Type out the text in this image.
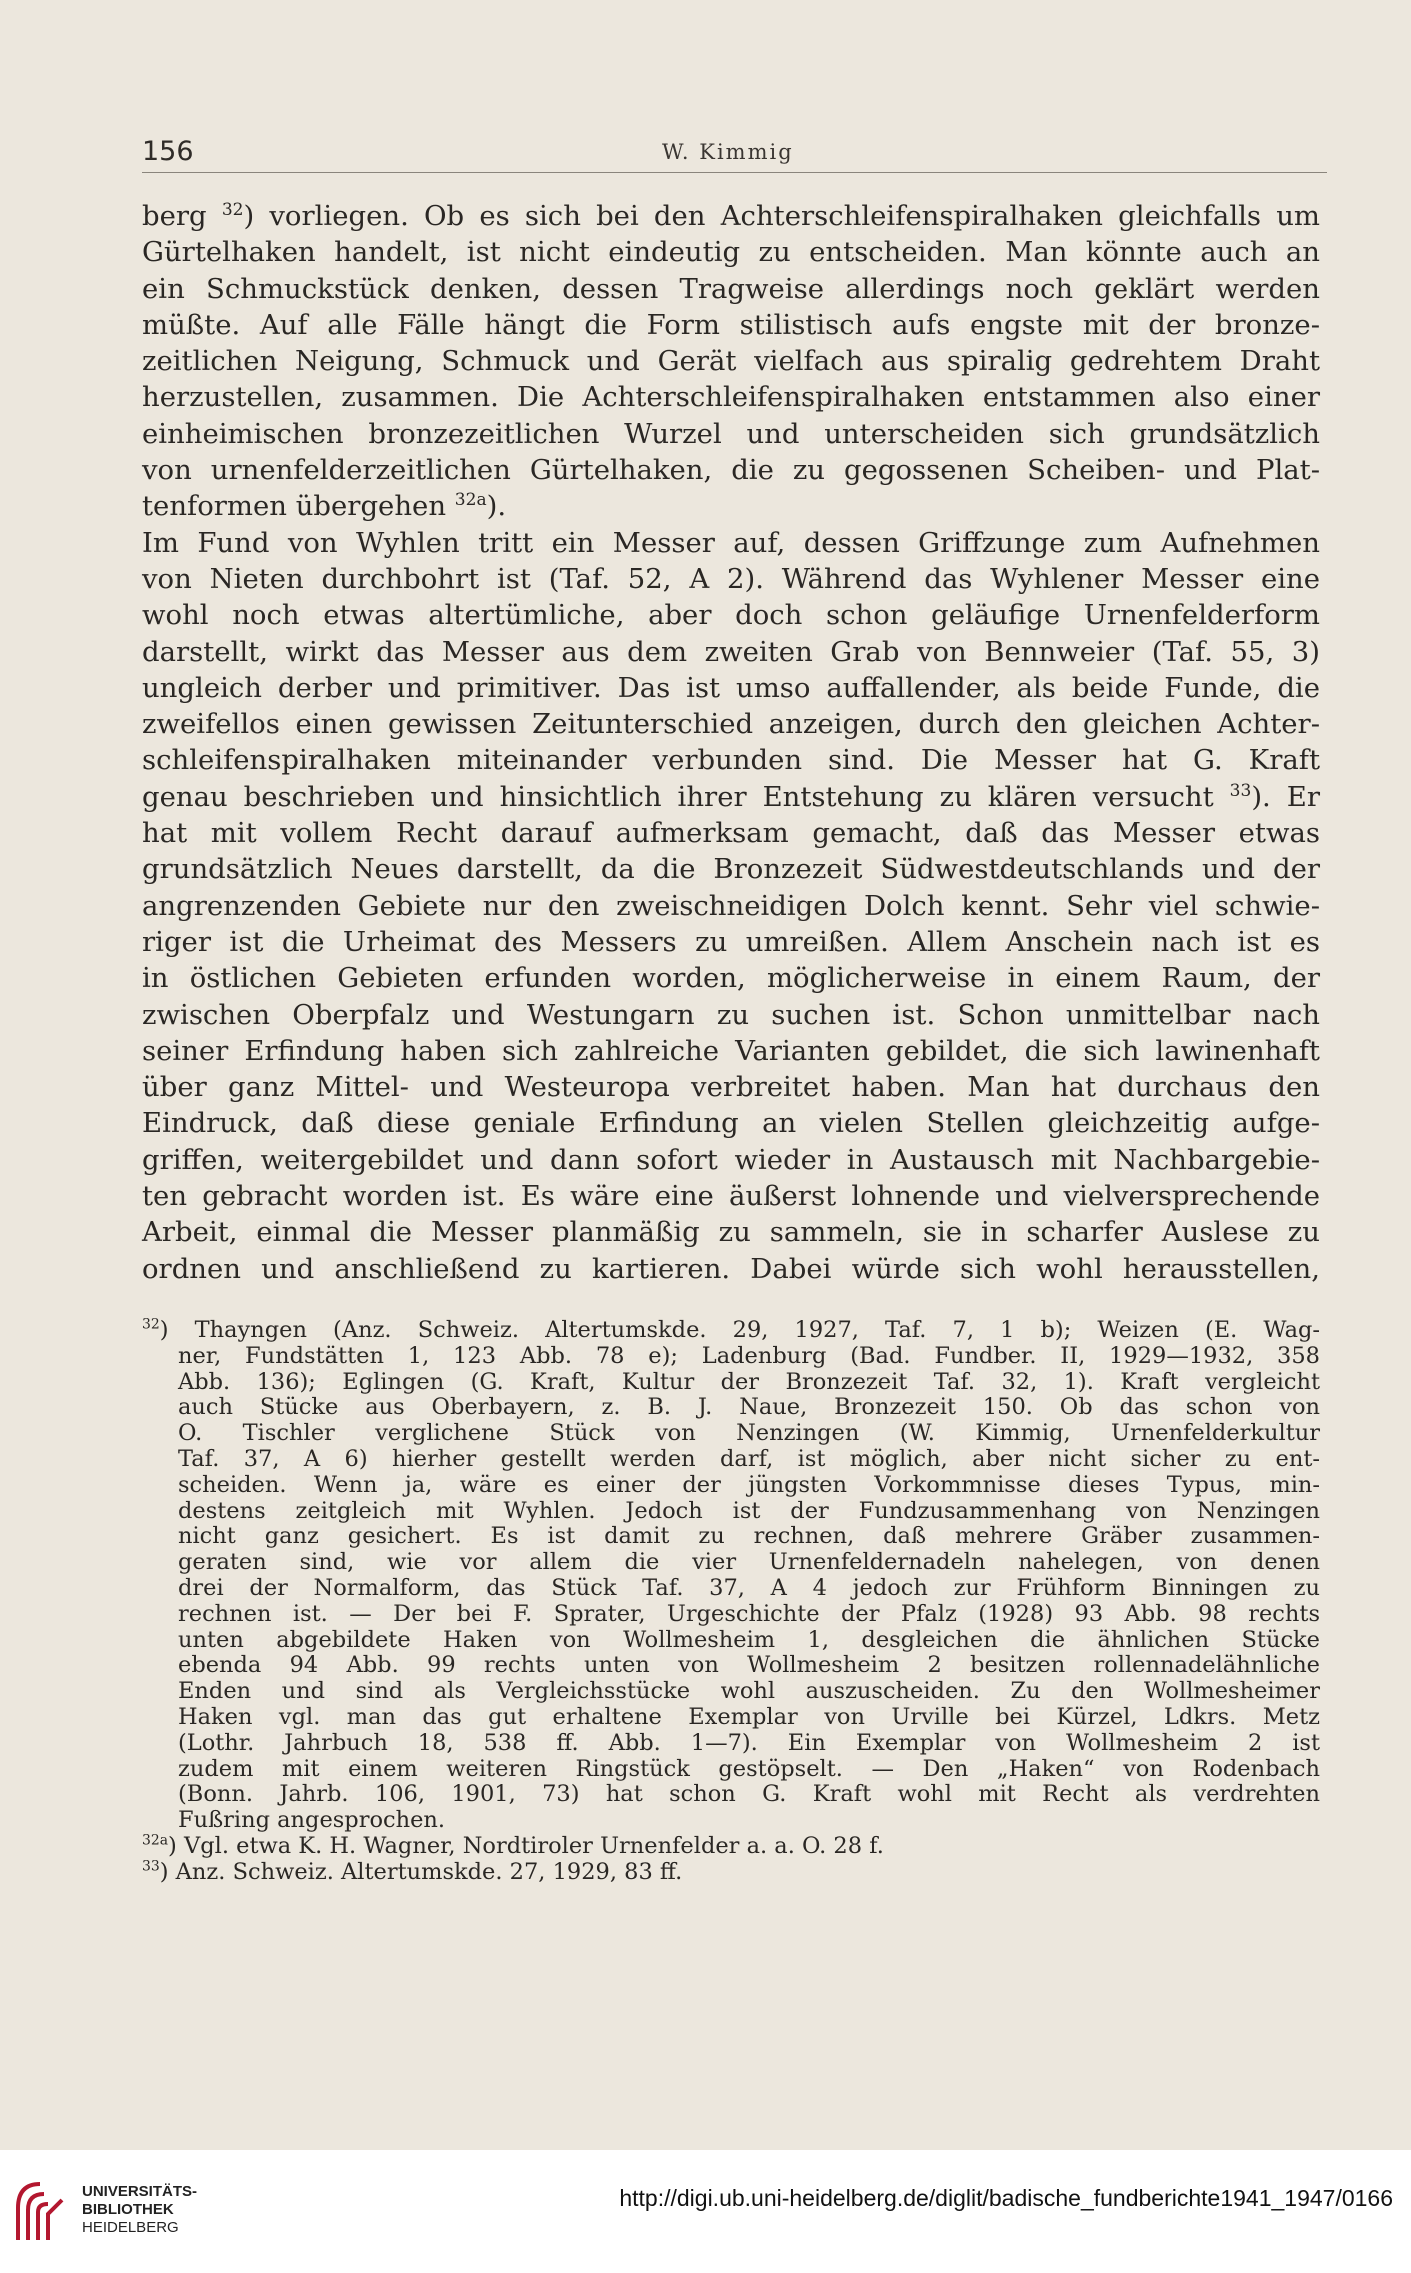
156	W. Kimmig
berg $^{32}$) vorliegen. Ob es sich bei den Achterschleifenspiralhaken gleichfalls um
Gürtelhaken handelt, ist nicht eindeutig zu entscheiden. Man könnte auch an
ein Schmuckstück denken, dessen Tragweise allerdings noch geklärt werden
müßte. Auf alle Fälle hängt die Form stilistisch aufs engste mit der bronze-
zeitlichen Neigung, Schmuck und Gerät vielfach aus spiralig gedrehtem Draht
herzustellen, zusammen. Die Achterschleifenspiralhaken entstammen also einer
einheimischen bronzezeitlichen Wurzel und unterscheiden sich grundsätzlich
von urnenfelderzeitlichen Gürtelhaken, die zu gegossenen Scheiben- und Plat-
tenformen übergehen $^{32a}$).
Im Fund von Wyhlen tritt ein Messer auf, dessen Griffzunge zum Aufnehmen
von Nieten durchbohrt ist (Taf. 52, A 2). Während das Wyhlener Messer eine
wohl noch etwas altertümliche, aber doch schon geläufige Urnenfelderform
darstellt, wirkt das Messer aus dem zweiten Grab von Bennweier (Taf. 55, 3)
ungleich derber und primitiver. Das ist umso auffallender, als beide Funde, die
zweifellos einen gewissen Zeitunterschied anzeigen, durch den gleichen Achter-
schleifenspiralhaken miteinander verbunden sind. Die Messer hat G. Kraft
genau beschrieben und hinsichtlich ihrer Entstehung zu klären versucht $^{33}$). Er
hat mit vollem Recht darauf aufmerksam gemacht, daß das Messer etwas
grundsätzlich Neues darstellt, da die Bronzezeit Südwestdeutschlands und der
angrenzenden Gebiete nur den zweischneidigen Dolch kennt. Sehr viel schwie-
riger ist die Urheimat des Messers zu umreißen. Allem Anschein nach ist es
in östlichen Gebieten erfunden worden, möglicherweise in einem Raum, der
zwischen Oberpfalz und Westungarn zu suchen ist. Schon unmittelbar nach
seiner Erfindung haben sich zahlreiche Varianten gebildet, die sich lawinenhaft
über ganz Mittel- und Westeuropa verbreitet haben. Man hat durchaus den
Eindruck, daß diese geniale Erfindung an vielen Stellen gleichzeitig aufge-
griffen, weitergebildet und dann sofort wieder in Austausch mit Nachbargebie-
ten gebracht worden ist. Es wäre eine äußerst lohnende und vielversprechende
Arbeit, einmal die Messer planmäßig zu sammeln, sie in scharfer Auslese zu
ordnen und anschließend zu kartieren. Dabei würde sich wohl herausstellen,
$^{32}$) Thayngen (Anz. Schweiz. Altertumskde. 29, 1927, Taf. 7, 1 b); Weizen (E. Wag-
ner, Fundstätten 1, 123 Abb. 78 e); Ladenburg (Bad. Fundber. II, 1929—1932, 358
Abb. 136); Eglingen (G. Kraft, Kultur der Bronzezeit Taf. 32, 1). Kraft vergleicht
auch Stücke aus Oberbayern, z. B. J. Naue, Bronzezeit 150. Ob das schon von
O. Tischler verglichene Stück von Nenzingen (W. Kimmig, Urnenfelderkultur
Taf. 37, A 6) hierher gestellt werden darf, ist möglich, aber nicht sicher zu ent-
scheiden. Wenn ja, wäre es einer der jüngsten Vorkommnisse dieses Typus, min-
destens zeitgleich mit Wyhlen. Jedoch ist der Fundzusammenhang von Nenzingen
nicht ganz gesichert. Es ist damit zu rechnen, daß mehrere Gräber zusammen-
geraten sind, wie vor allem die vier Urnenfeldernadeln nahelegen, von denen
drei der Normalform, das Stück Taf. 37, A 4 jedoch zur Frühform Binningen zu
rechnen ist. — Der bei F. Sprater, Urgeschichte der Pfalz (1928) 93 Abb. 98 rechts
unten abgebildete Haken von Wollmesheim 1, desgleichen die ähnlichen Stücke
ebenda 94 Abb. 99 rechts unten von Wollmesheim 2 besitzen rollennadelähnliche
Enden und sind als Vergleichsstücke wohl auszuscheiden. Zu den Wollmesheimer
Haken vgl. man das gut erhaltene Exemplar von Urville bei Kürzel, Ldkrs. Metz
(Lothr. Jahrbuch 18, 538 ff. Abb. 1—7). Ein Exemplar von Wollmesheim 2 ist
zudem mit einem weiteren Ringstück gestöpselt. — Den „Haken“ von Rodenbach
(Bonn. Jahrb. 106, 1901, 73) hat schon G. Kraft wohl mit Recht als verdrehten
Fußring angesprochen.
$^{32a}$) Vgl. etwa K. H. Wagner, Nordtiroler Urnenfelder a. a. O. 28 f.
$^{33}$) Anz. Schweiz. Altertumskde. 27, 1929, 83 ff.
UNIVERSITÄTS-
BIBLIOTHEK
HEIDELBERG
http://digi.ub.uni-heidelberg.de/diglit/badische_fundberichte1941_1947/0166
